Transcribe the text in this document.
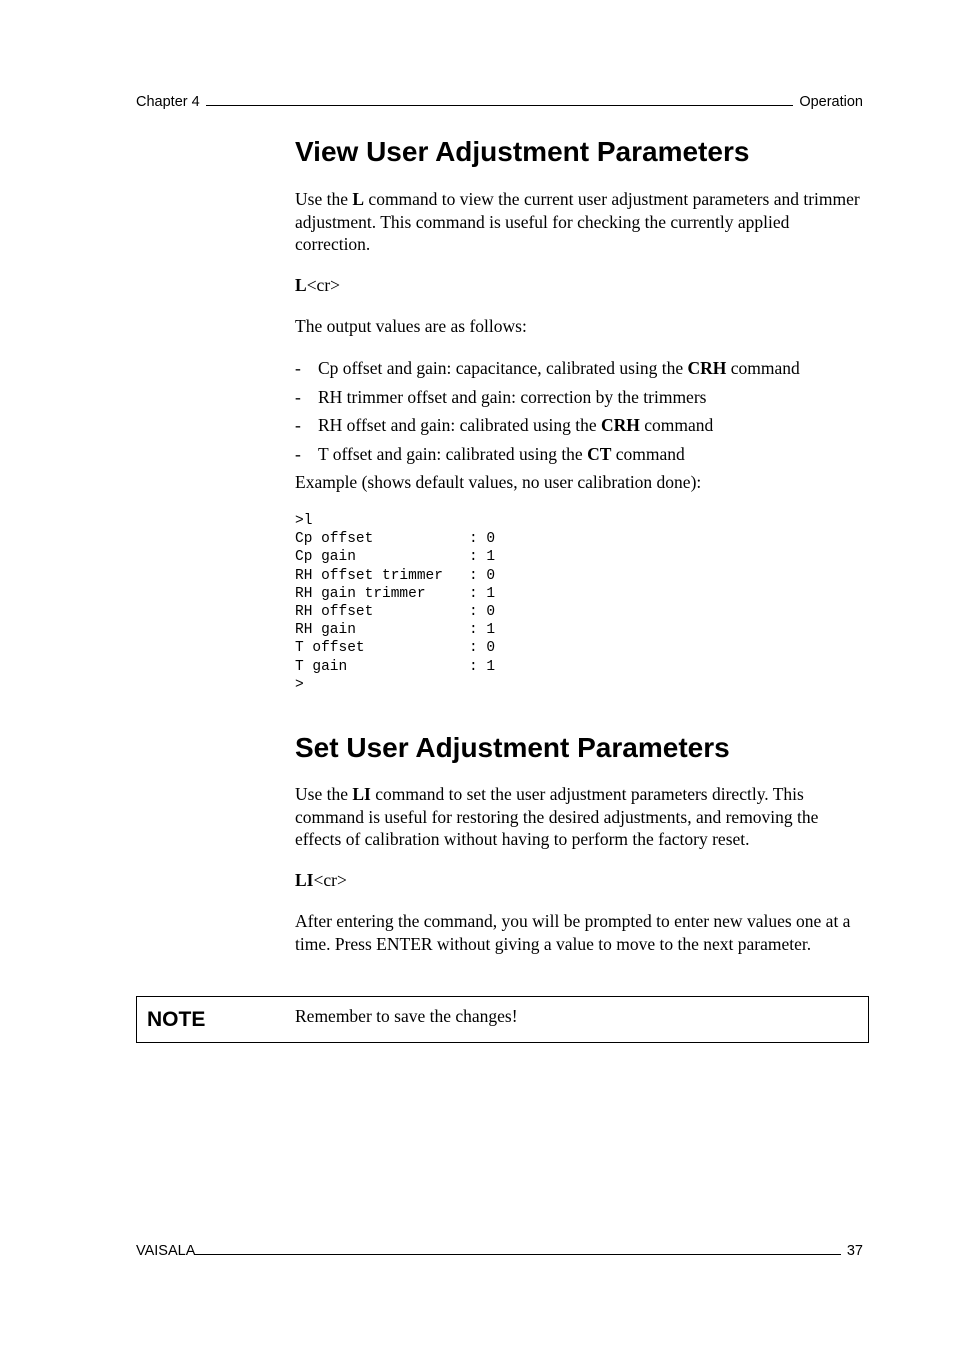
Chapter 4	Operation
View User Adjustment Parameters

Use the L command to view the current user adjustment parameters and trimmer adjustment. This command is useful for checking the currently applied correction.

L<cr>

The output values are as follows:

- Cp offset and gain: capacitance, calibrated using the CRH command
- RH trimmer offset and gain: correction by the trimmers
- RH offset and gain: calibrated using the CRH command
- T offset and gain: calibrated using the CT command

Example (shows default values, no user calibration done):

>l
Cp offset           : 0
Cp gain             : 1
RH offset trimmer   : 0
RH gain trimmer     : 1
RH offset           : 0
RH gain             : 1
T offset            : 0
T gain              : 1
>
Set User Adjustment Parameters

Use the LI command to set the user adjustment parameters directly. This command is useful for restoring the desired adjustments, and removing the effects of calibration without having to perform the factory reset.

LI<cr>

After entering the command, you will be prompted to enter new values one at a time. Press ENTER without giving a value to move to the next parameter.

NOTE	Remember to save the changes!
VAISALA	37
